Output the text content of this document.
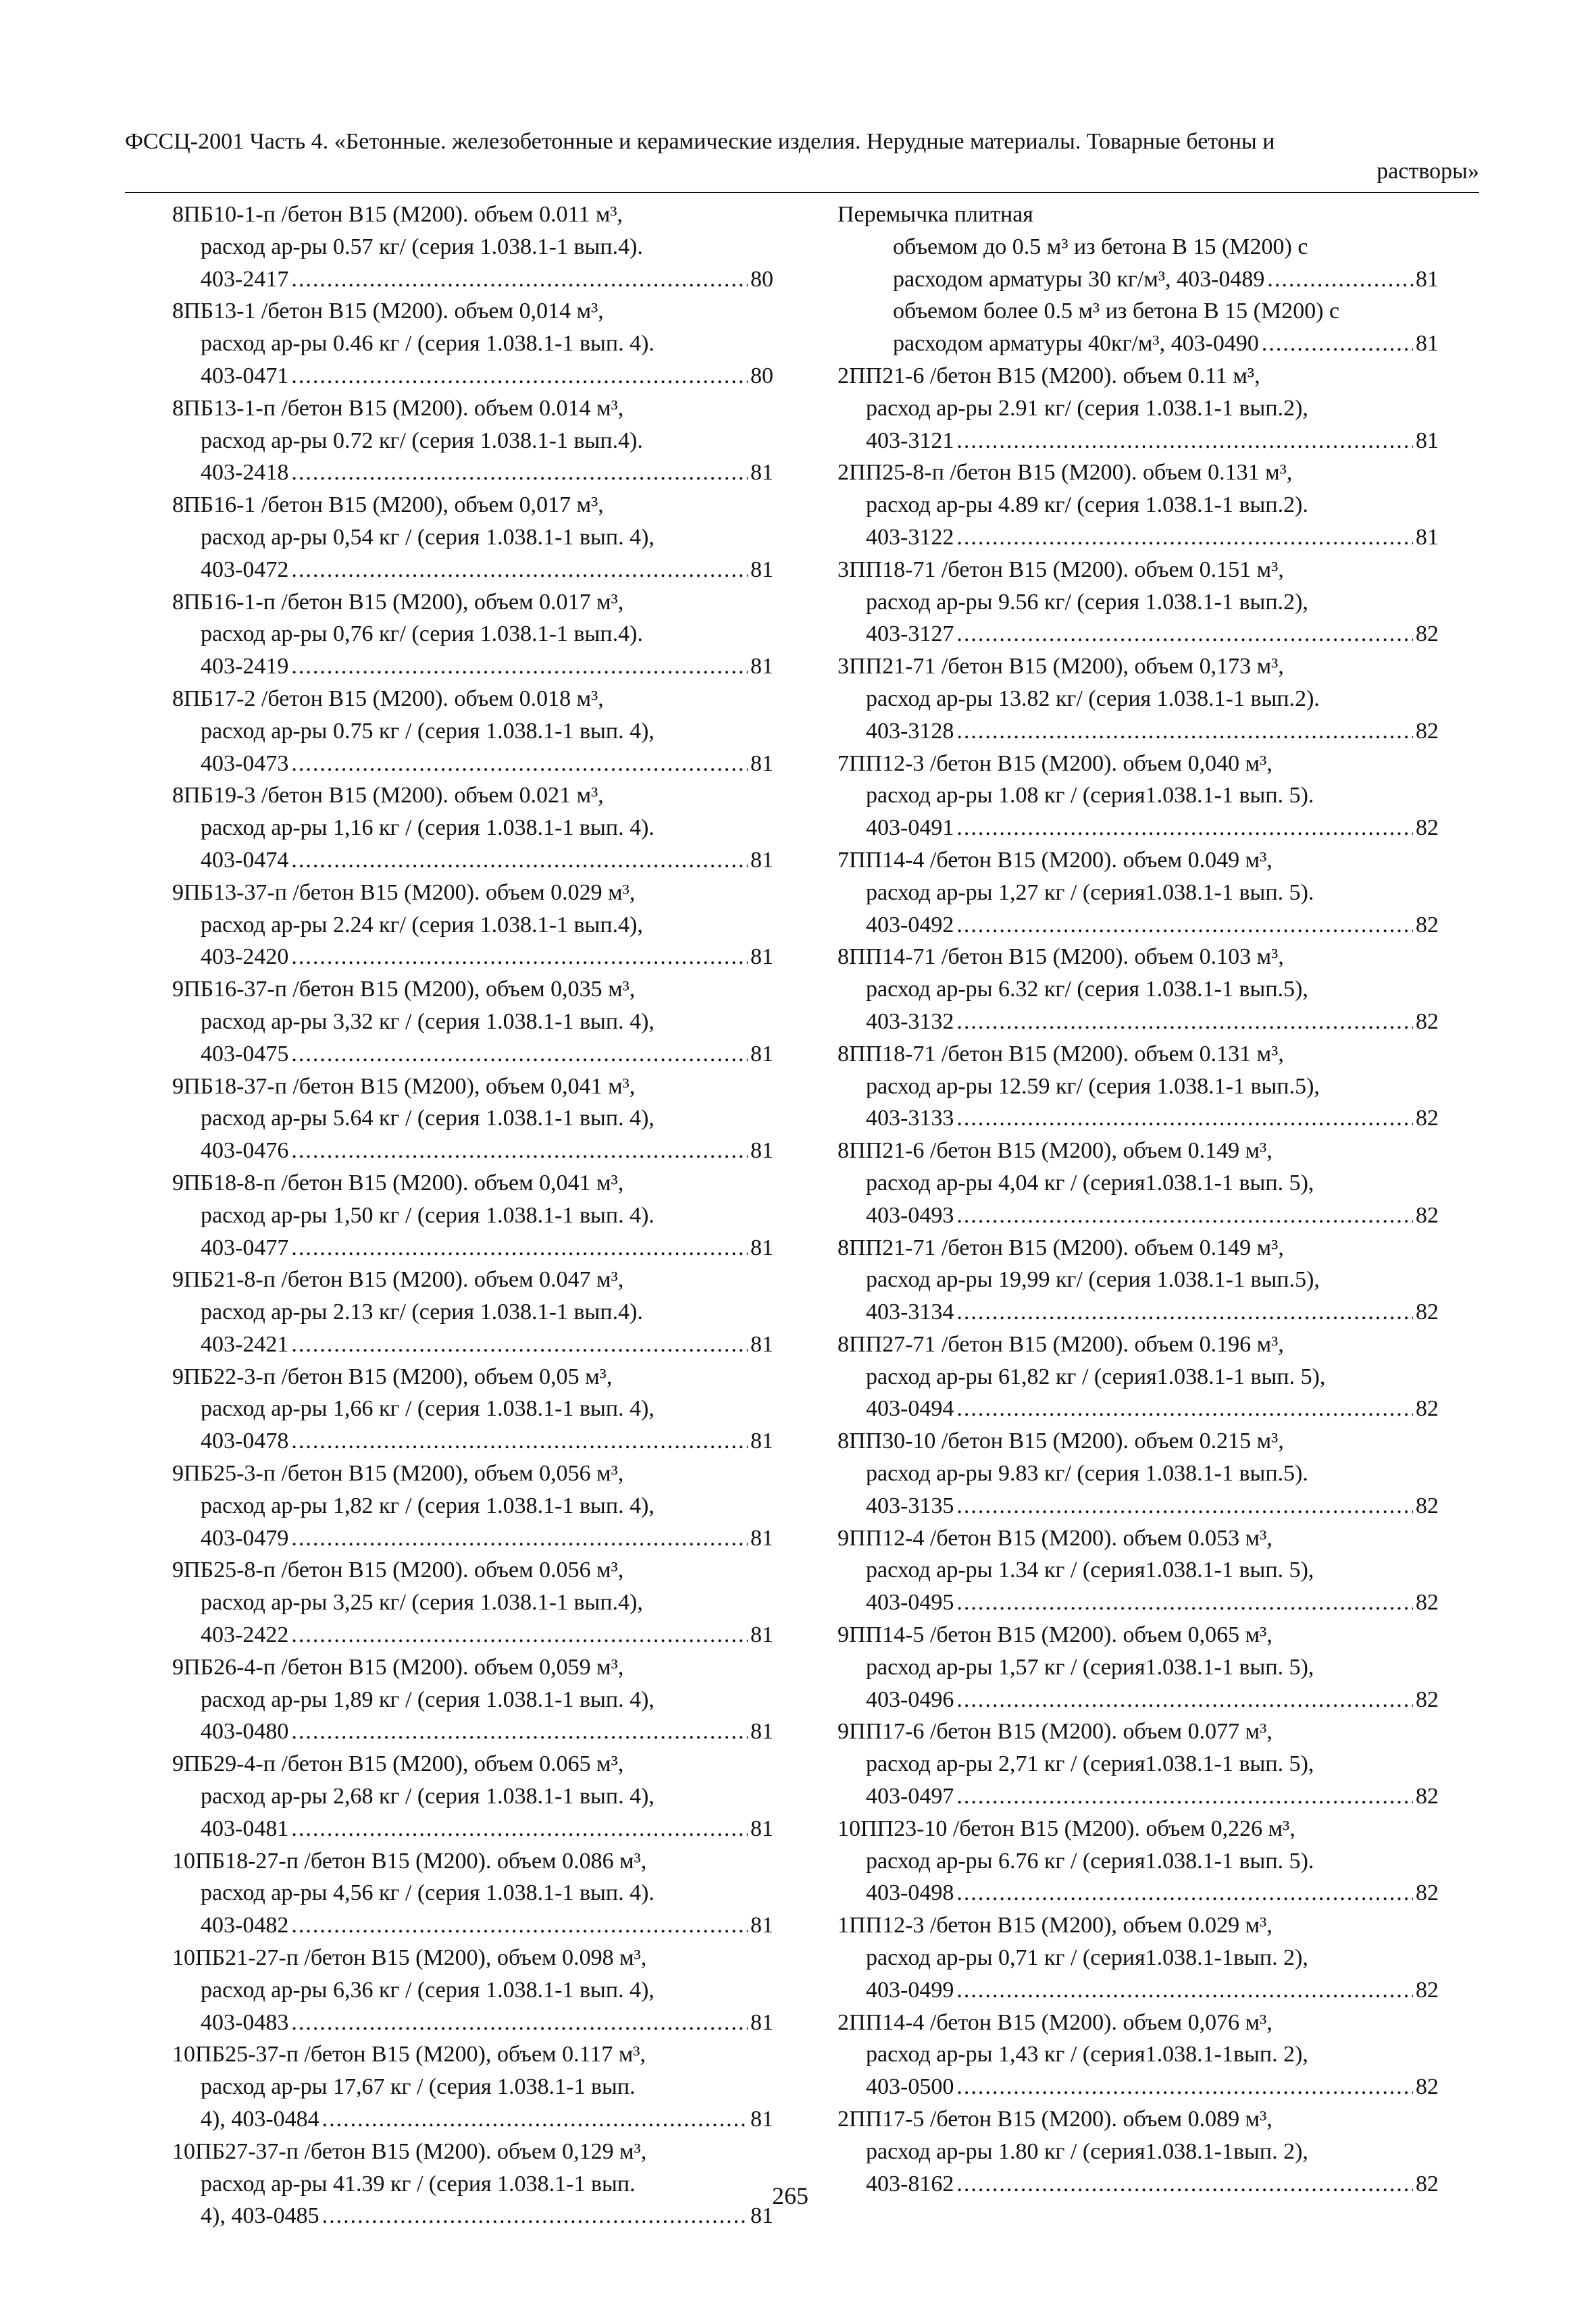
ФССЦ-2001 Часть 4. «Бетонные. железобетонные и керамические изделия. Нерудные материалы. Товарные бетоны и
растворы»
8ПБ10-1-п /бетон В15 (М200). объем 0.011 м³,
расход ар-ры 0.57 кг/ (серия 1.038.1-1 вып.4).
403-2417 .....	80
8ПБ13-1 /бетон В15 (М200). объем 0,014 м³,
расход ар-ры 0.46 кг / (серия 1.038.1-1 вып. 4).
403-0471 .....	80
8ПБ13-1-п /бетон В15 (М200). объем 0.014 м³,
расход ар-ры 0.72 кг/ (серия 1.038.1-1 вып.4).
403-2418 .....	81
8ПБ16-1 /бетон В15 (М200), объем 0,017 м³,
расход ар-ры 0,54 кг / (серия 1.038.1-1 вып. 4),
403-0472 .....	81
8ПБ16-1-п /бетон В15 (М200), объем 0.017 м³,
расход ар-ры 0,76 кг/ (серия 1.038.1-1 вып.4).
403-2419 .....	81
8ПБ17-2 /бетон В15 (М200). объем 0.018 м³,
расход ар-ры 0.75 кг / (серия 1.038.1-1 вып. 4),
403-0473 .....	81
8ПБ19-3 /бетон В15 (М200). объем 0.021 м³,
расход ар-ры 1,16 кг / (серия 1.038.1-1 вып. 4).
403-0474 .....	81
9ПБ13-37-п /бетон В15 (М200). объем 0.029 м³,
расход ар-ры 2.24 кг/ (серия 1.038.1-1 вып.4),
403-2420 .....	81
9ПБ16-37-п /бетон В15 (М200), объем 0,035 м³,
расход ар-ры 3,32 кг / (серия 1.038.1-1 вып. 4),
403-0475 .....	81
9ПБ18-37-п /бетон В15 (М200), объем 0,041 м³,
расход ар-ры 5.64 кг / (серия 1.038.1-1 вып. 4),
403-0476 .....	81
9ПБ18-8-п /бетон В15 (М200). объем 0,041 м³,
расход ар-ры 1,50 кг / (серия 1.038.1-1 вып. 4).
403-0477 .....	81
9ПБ21-8-п /бетон В15 (М200). объем 0.047 м³,
расход ар-ры 2.13 кг/ (серия 1.038.1-1 вып.4).
403-2421 .....	81
9ПБ22-3-п /бетон В15 (М200), объем 0,05 м³,
расход ар-ры 1,66 кг / (серия 1.038.1-1 вып. 4),
403-0478 .....	81
9ПБ25-3-п /бетон В15 (М200), объем 0,056 м³,
расход ар-ры 1,82 кг / (серия 1.038.1-1 вып. 4),
403-0479 .....	81
9ПБ25-8-п /бетон В15 (М200). объем 0.056 м³,
расход ар-ры 3,25 кг/ (серия 1.038.1-1 вып.4),
403-2422 .....	81
9ПБ26-4-п /бетон В15 (М200). объем 0,059 м³,
расход ар-ры 1,89 кг / (серия 1.038.1-1 вып. 4),
403-0480 .....	81
9ПБ29-4-п /бетон В15 (М200), объем 0.065 м³,
расход ар-ры 2,68 кг / (серия 1.038.1-1 вып. 4),
403-0481 .....	81
10ПБ18-27-п /бетон В15 (М200). объем 0.086 м³,
расход ар-ры 4,56 кг / (серия 1.038.1-1 вып. 4).
403-0482 .....	81
10ПБ21-27-п /бетон В15 (М200), объем 0.098 м³,
расход ар-ры 6,36 кг / (серия 1.038.1-1 вып. 4),
403-0483 .....	81
10ПБ25-37-п /бетон В15 (М200), объем 0.117 м³,
расход ар-ры 17,67 кг / (серия 1.038.1-1 вып.
4), 403-0484 .....	81
10ПБ27-37-п /бетон В15 (М200). объем 0,129 м³,
расход ар-ры 41.39 кг / (серия 1.038.1-1 вып.
4), 403-0485 .....	81
Перемычка плитная
объемом до 0.5 м³ из бетона В 15 (М200) с
расходом арматуры 30 кг/м³, 403-0489 .....	81
объемом более 0.5 м³ из бетона В 15 (М200) с
расходом арматуры 40кг/м³, 403-0490 .....	81
2ПП21-6 /бетон В15 (М200). объем 0.11 м³,
расход ар-ры 2.91 кг/ (серия 1.038.1-1 вып.2),
403-3121 .....	81
2ПП25-8-п /бетон В15 (М200). объем 0.131 м³,
расход ар-ры 4.89 кг/ (серия 1.038.1-1 вып.2).
403-3122 .....	81
3ПП18-71 /бетон В15 (М200). объем 0.151 м³,
расход ар-ры 9.56 кг/ (серия 1.038.1-1 вып.2),
403-3127 .....	82
3ПП21-71 /бетон В15 (М200), объем 0,173 м³,
расход ар-ры 13.82 кг/ (серия 1.038.1-1 вып.2).
403-3128 .....	82
7ПП12-3 /бетон В15 (М200). объем 0,040 м³,
расход ар-ры 1.08 кг / (серия1.038.1-1 вып. 5).
403-0491 .....	82
7ПП14-4 /бетон В15 (М200). объем 0.049 м³,
расход ар-ры 1,27 кг / (серия1.038.1-1 вып. 5).
403-0492 .....	82
8ПП14-71 /бетон В15 (М200). объем 0.103 м³,
расход ар-ры 6.32 кг/ (серия 1.038.1-1 вып.5),
403-3132 .....	82
8ПП18-71 /бетон В15 (М200). объем 0.131 м³,
расход ар-ры 12.59 кг/ (серия 1.038.1-1 вып.5),
403-3133 .....	82
8ПП21-6 /бетон В15 (М200), объем 0.149 м³,
расход ар-ры 4,04 кг / (серия1.038.1-1 вып. 5),
403-0493 .....	82
8ПП21-71 /бетон В15 (М200). объем 0.149 м³,
расход ар-ры 19,99 кг/ (серия 1.038.1-1 вып.5),
403-3134 .....	82
8ПП27-71 /бетон В15 (М200). объем 0.196 м³,
расход ар-ры 61,82 кг / (серия1.038.1-1 вып. 5),
403-0494 .....	82
8ПП30-10 /бетон В15 (М200). объем 0.215 м³,
расход ар-ры 9.83 кг/ (серия 1.038.1-1 вып.5).
403-3135 .....	82
9ПП12-4 /бетон В15 (М200). объем 0.053 м³,
расход ар-ры 1.34 кг / (серия1.038.1-1 вып. 5),
403-0495 .....	82
9ПП14-5 /бетон В15 (М200). объем 0,065 м³,
расход ар-ры 1,57 кг / (серия1.038.1-1 вып. 5),
403-0496 .....	82
9ПП17-6 /бетон В15 (М200). объем 0.077 м³,
расход ар-ры 2,71 кг / (серия1.038.1-1 вып. 5),
403-0497 .....	82
10ПП23-10 /бетон В15 (М200). объем 0,226 м³,
расход ар-ры 6.76 кг / (серия1.038.1-1 вып. 5).
403-0498 .....	82
1ПП12-3 /бетон В15 (М200), объем 0.029 м³,
расход ар-ры 0,71 кг / (серия1.038.1-1вып. 2),
403-0499 .....	82
2ПП14-4 /бетон В15 (М200). объем 0,076 м³,
расход ар-ры 1,43 кг / (серия1.038.1-1вып. 2),
403-0500 .....	82
2ПП17-5 /бетон В15 (М200). объем 0.089 м³,
расход ар-ры 1.80 кг / (серия1.038.1-1вып. 2),
403-8162 .....	82
265
